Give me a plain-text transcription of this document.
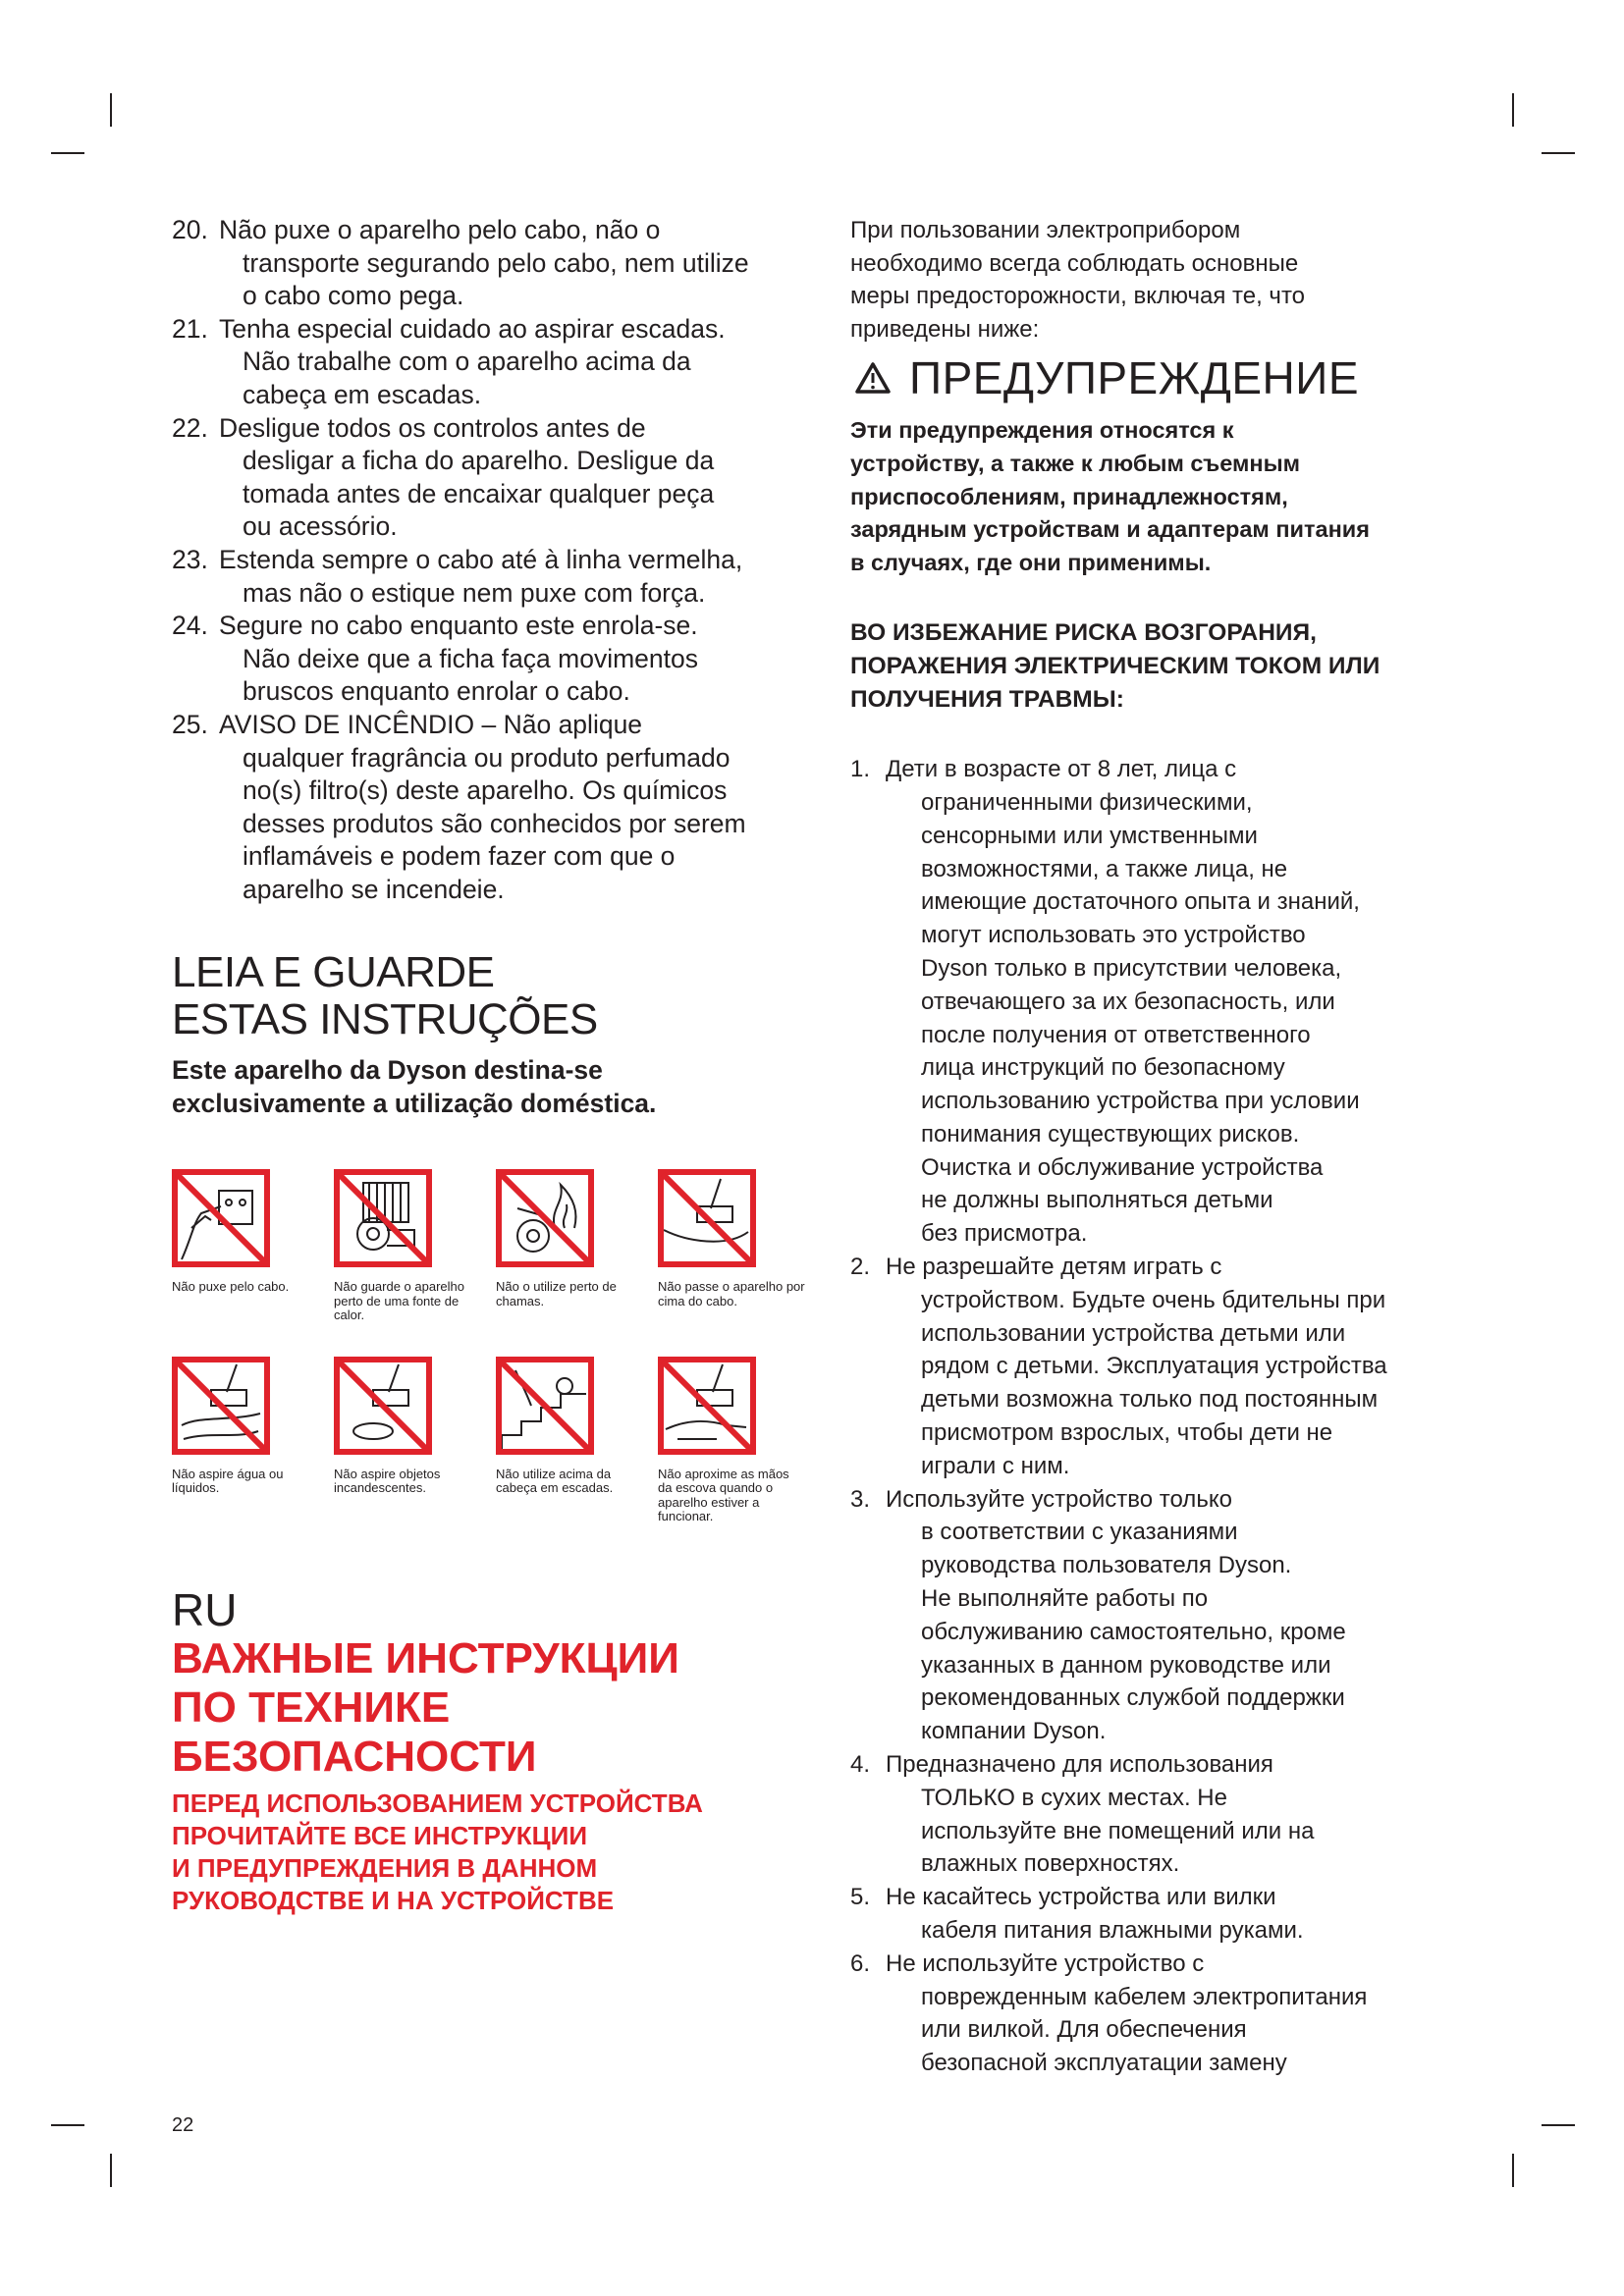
20. Não puxe o aparelho pelo cabo, não o
transporte segurando pelo cabo, nem utilize
o cabo como pega.
21. Tenha especial cuidado ao aspirar escadas.
Não trabalhe com o aparelho acima da
cabeça em escadas.
22. Desligue todos os controlos antes de
desligar a ficha do aparelho. Desligue da
tomada antes de encaixar qualquer peça
ou acessório.
23. Estenda sempre o cabo até à linha vermelha,
mas não o estique nem puxe com força.
24. Segure no cabo enquanto este enrola-se.
Não deixe que a ficha faça movimentos
bruscos enquanto enrolar o cabo.
25. AVISO DE INCÊNDIO – Não aplique
qualquer fragrância ou produto perfumado
no(s) filtro(s) deste aparelho. Os químicos
desses produtos são conhecidos por serem
inflamáveis e podem fazer com que o
aparelho se incendeie.
LEIA E GUARDE
ESTAS INSTRUÇÕES

Este aparelho da Dyson destina-se exclusivamente a utilização doméstica.

Não puxe pelo cabo.	Não guarde o aparelho perto de uma fonte de calor.
Não o utilize perto de chamas.
Não passe o aparelho por cima do cabo.
Não aspire água ou líquidos.
Não aspire objetos incandescentes.
Não utilize acima da cabeça em escadas.
Não aproxime as mãos da escova quando o aparelho estiver a funcionar.

RU

ВАЖНЫЕ ИНСТРУКЦИИ
ПО ТЕХНИКЕ
БЕЗОПАСНОСТИ

ПЕРЕД ИСПОЛЬЗОВАНИЕМ УСТРОЙСТВА
ПРОЧИТАЙТЕ ВСЕ ИНСТРУКЦИИ
И ПРЕДУПРЕЖДЕНИЯ В ДАННОМ
РУКОВОДСТВЕ И НА УСТРОЙСТВЕ

При пользовании электроприбором
необходимо всегда соблюдать основные
меры предосторожности, включая те, что
приведены ниже:

ПРЕДУПРЕЖДЕНИЕ

Эти предупреждения относятся к
устройству, а также к любым съемным
приспособлениям, принадлежностям,
зарядным устройствам и адаптерам питания
в случаях, где они применимы.

ВО ИЗБЕЖАНИЕ РИСКА ВОЗГОРАНИЯ,
ПОРАЖЕНИЯ ЭЛЕКТРИЧЕСКИМ ТОКОМ ИЛИ
ПОЛУЧЕНИЯ ТРАВМЫ:

1. Дети в возрасте от 8 лет, лица с
ограниченными физическими,
сенсорными или умственными
возможностями, а также лица, не
имеющие достаточного опыта и знаний,
могут использовать это устройство
Dyson только в присутствии человека,
отвечающего за их безопасность, или
после получения от ответственного
лица инструкций по безопасному
использованию устройства при условии
понимания существующих рисков.
Очистка и обслуживание устройства
не должны выполняться детьми
без присмотра.
2. Не разрешайте детям играть с
устройством. Будьте очень бдительны при
использовании устройства детьми или
рядом с детьми. Эксплуатация устройства
детьми возможна только под постоянным
присмотром взрослых, чтобы дети не
играли с ним.
3. Используйте устройство только
в соответствии с указаниями
руководства пользователя Dyson.
Не выполняйте работы по
обслуживанию самостоятельно, кроме
указанных в данном руководстве или
рекомендованных службой поддержки
компании Dyson.
4. Предназначено для использования
ТОЛЬКО в сухих местах. Не
используйте вне помещений или на
влажных поверхностях.
5. Не касайтесь устройства или вилки
кабеля питания влажными руками.
6. Не используйте устройство с
поврежденным кабелем электропитания
или вилкой. Для обеспечения
безопасной эксплуатации замену
22
